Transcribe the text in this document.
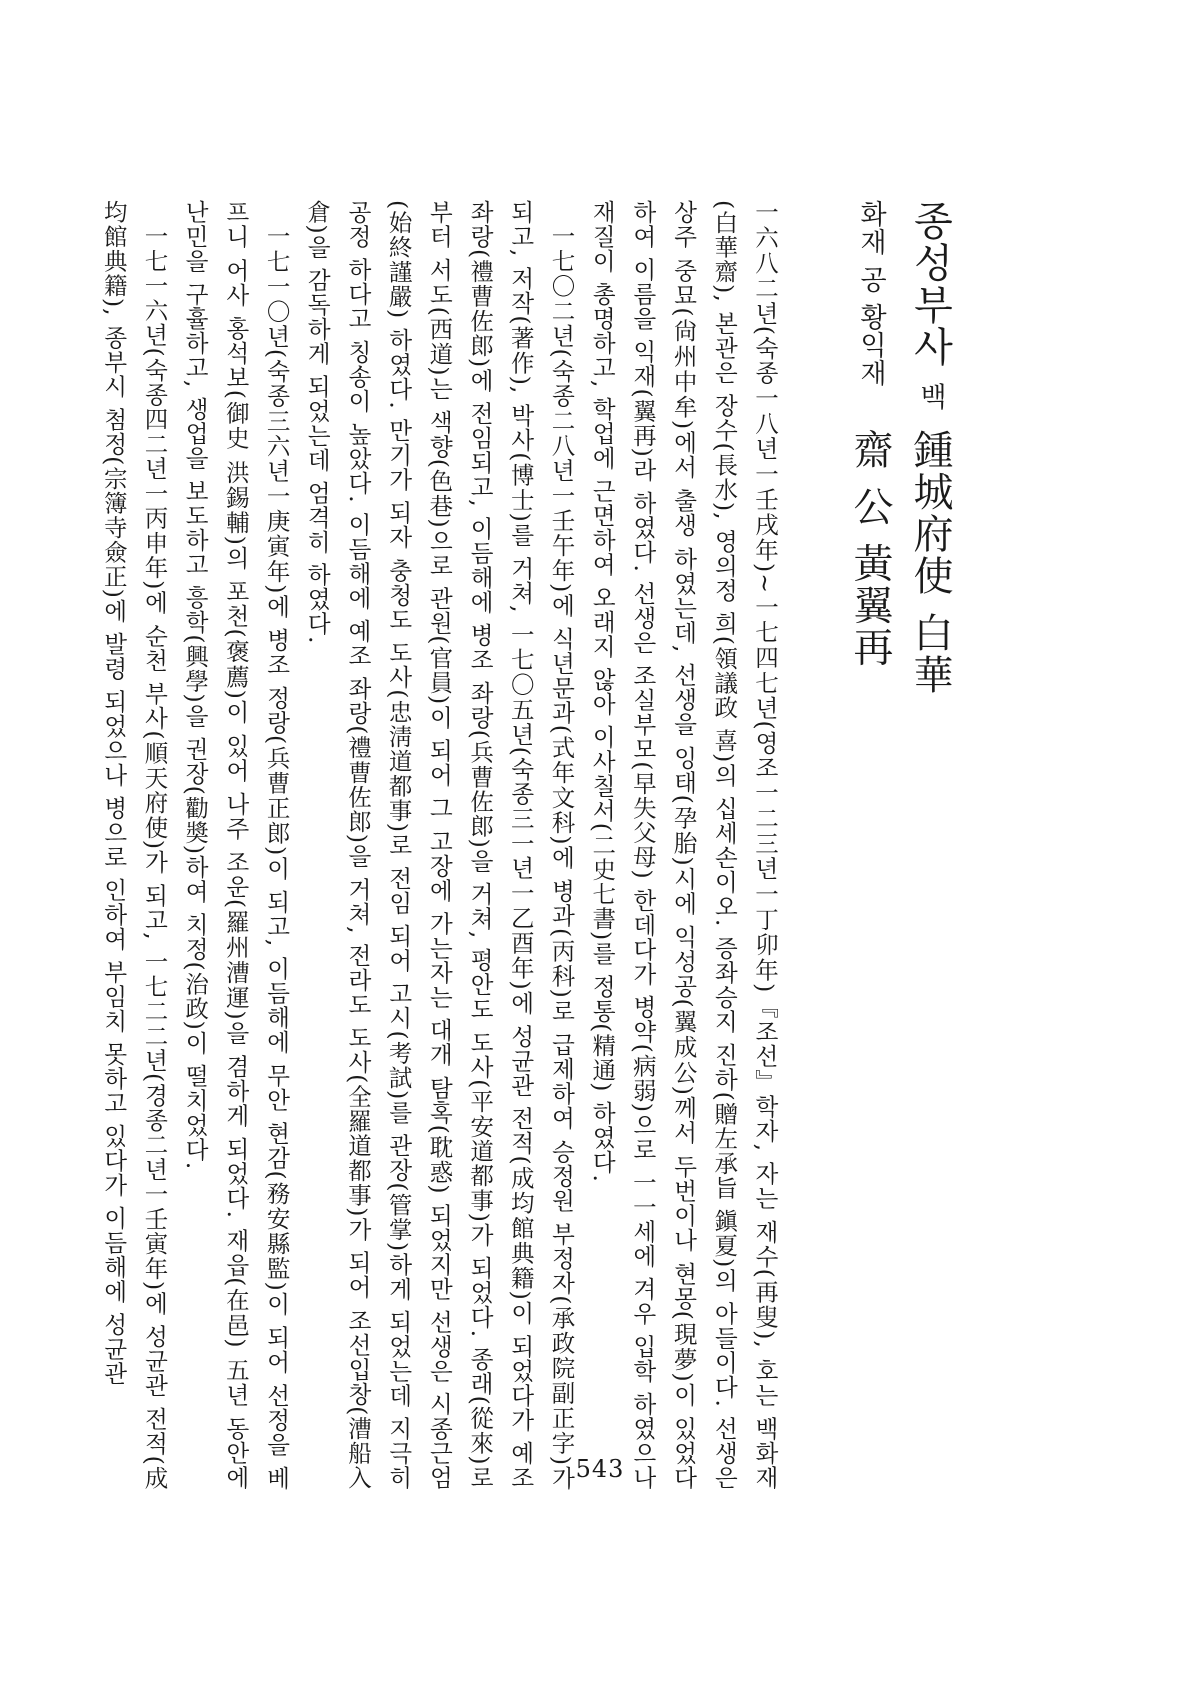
종성부사 백화재 공 황익재
鍾城府使 白華齋 公 黃翼再

一六八二년(숙종一八년一壬戌年)∼一七四七년(영조一二三년一丁卯年)『조선』학자, 자는 재수(再叟), 호는 백화재(白華齋), 본관은 장수(長水), 영의정 희(領議政 喜)의 십세손이오. 증좌승지 진하(贈左承旨 鎭夏)의 아들이다. 선생은 상주 중묘(尙州中牟)에서 출생 하였는데, 선생을 잉태(孕胎)시에 익성공(翼成公)께서 두번이나 현몽(現夢)이 있었다하여 이름을 익재(翼再)라 하였다. 선생은 조실부모(早失父母) 한데다가 병약(病弱)으로 一一세에 겨우 입학 하였으나 재질이 총명하고, 학업에 근면하여 오래지 않아 이사칠서(二史七書)를 정통(精通) 하였다.

一七〇二년(숙종二八년一壬午年)에 식년문과(式年文科)에 병과(丙科)로 급제하여 승정원 부정자(承政院副正字)가 되고, 저작(著作), 박사(博士)를 거쳐, 一七〇五년(숙종三一년一乙酉年)에 성균관 전적(成均館典籍)이 되었다가 예조 좌랑(禮曹佐郎)에 전임되고, 이듬해에 병조 좌랑(兵曹佐郎)을 거쳐, 평안도 도사(平安道都事)가 되었다. 종래(從來)로 부터 서도(西道)는 색향(色巷)으로 관원(官員)이 되어 그 고장에 가는자는 대개 탐혹(耽惑) 되었지만 선생은 시종근엄(始終謹嚴) 하였다. 만기가 되자 충청도 도사(忠淸道都事)로 전임 되어 고시(考試)를 관장(管掌)하게 되었는데 지극히 공정 하다고 칭송이 높았다. 이듬해에 예조 좌랑(禮曹佐郎)을 거쳐, 전라도 도사(全羅道都事)가 되어 조선입창(漕船入倉)을 감독하게 되었는데 엄격히 하였다.

一七一〇년(숙종三六년一庚寅年)에 병조 정랑(兵曹正郎)이 되고, 이듬해에 무안 현감(務安縣監)이 되어 선정을 베프니 어사 홍석보(御史 洪錫輔)의 포천(褒薦)이 있어 나주 조운(羅州漕運)을 겸하게 되었다. 재읍(在邑) 五년 동안에 난민을 구휼하고, 생업을 보도하고 흥학(興學)을 권장(勸奬)하여 치정(治政)이 떨치었다.

一七一六년(숙종四二년一丙申年)에 순천 부사(順天府使)가 되고, 一七二二년(경종二년一壬寅年)에 성균관 전적(成均館典籍), 종부시 첨정(宗簿寺僉正)에 발령 되었으나 병으로 인하여 부임치 못하고 있다가 이듬해에 성균관

543
